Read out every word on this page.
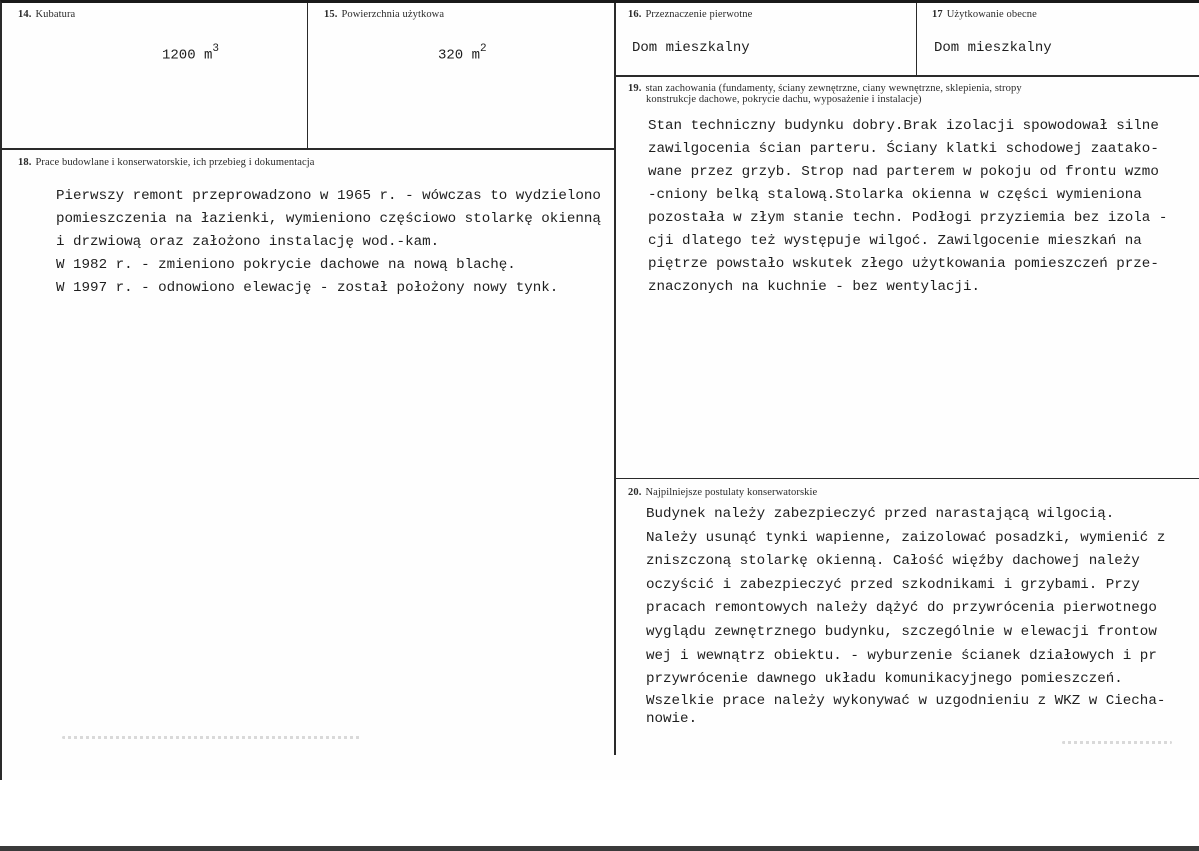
14. Kubatura
1200 $m^3$
15. Powierzchnia użytkowa
320 $m^2$
16. Przeznaczenie pierwotne
Dom mieszkalny
17 Użytkowanie obecne
Dom mieszkalny
19. stan zachowania (fundamenty, ściany zewnętrzne, ciany wewnętrzne, sklepienia, stropy
konstrukcje dachowe, pokrycie dachu, wyposażenie i instalacje)
Stan techniczny budynku dobry.Brak izolacji spowodował silne
zawilgocenia ścian parteru. Ściany klatki schodowej zaatako-
wane przez grzyb. Strop nad parterem w pokoju od frontu wzmo
-cniony belką stalową.Stolarka okienna w części wymieniona
pozostała w złym stanie techn. Podłogi przyziemia bez izola -
cji dlatego też występuje wilgoć. Zawilgocenie mieszkań na
piętrze powstało wskutek złego użytkowania pomieszczeń prze-
znaczonych na kuchnie - bez wentylacji.
18. Prace budowlane i konserwatorskie, ich przebieg i dokumentacja
Pierwszy remont przeprowadzono w 1965 r. - wówczas to wydzielono
pomieszczenia na łazienki, wymieniono częściowo stolarkę okienną
i drzwiową oraz założono instalację wod.-kam.
W 1982 r. - zmieniono pokrycie dachowe na nową blachę.
W 1997 r. - odnowiono elewację - został położony nowy tynk.
20. Najpilniejsze postulaty konserwatorskie
Budynek należy zabezpieczyć przed narastającą wilgocią.
Należy usunąć tynki wapienne, zaizolować posadzki, wymienić z
zniszczoną stolarkę okienną. Całość więźby dachowej należy
oczyścić i zabezpieczyć przed szkodnikami i grzybami. Przy
pracach remontowych należy dążyć do przywrócenia pierwotnego
wyglądu zewnętrznego budynku, szczególnie w elewacji frontow
wej i wewnątrz obiektu. - wyburzenie ścianek działowych i pr
przywrócenie dawnego układu komunikacyjnego pomieszczeń.
Wszelkie prace należy wykonywać w uzgodnieniu z WKZ w Ciecha-
nowie.
